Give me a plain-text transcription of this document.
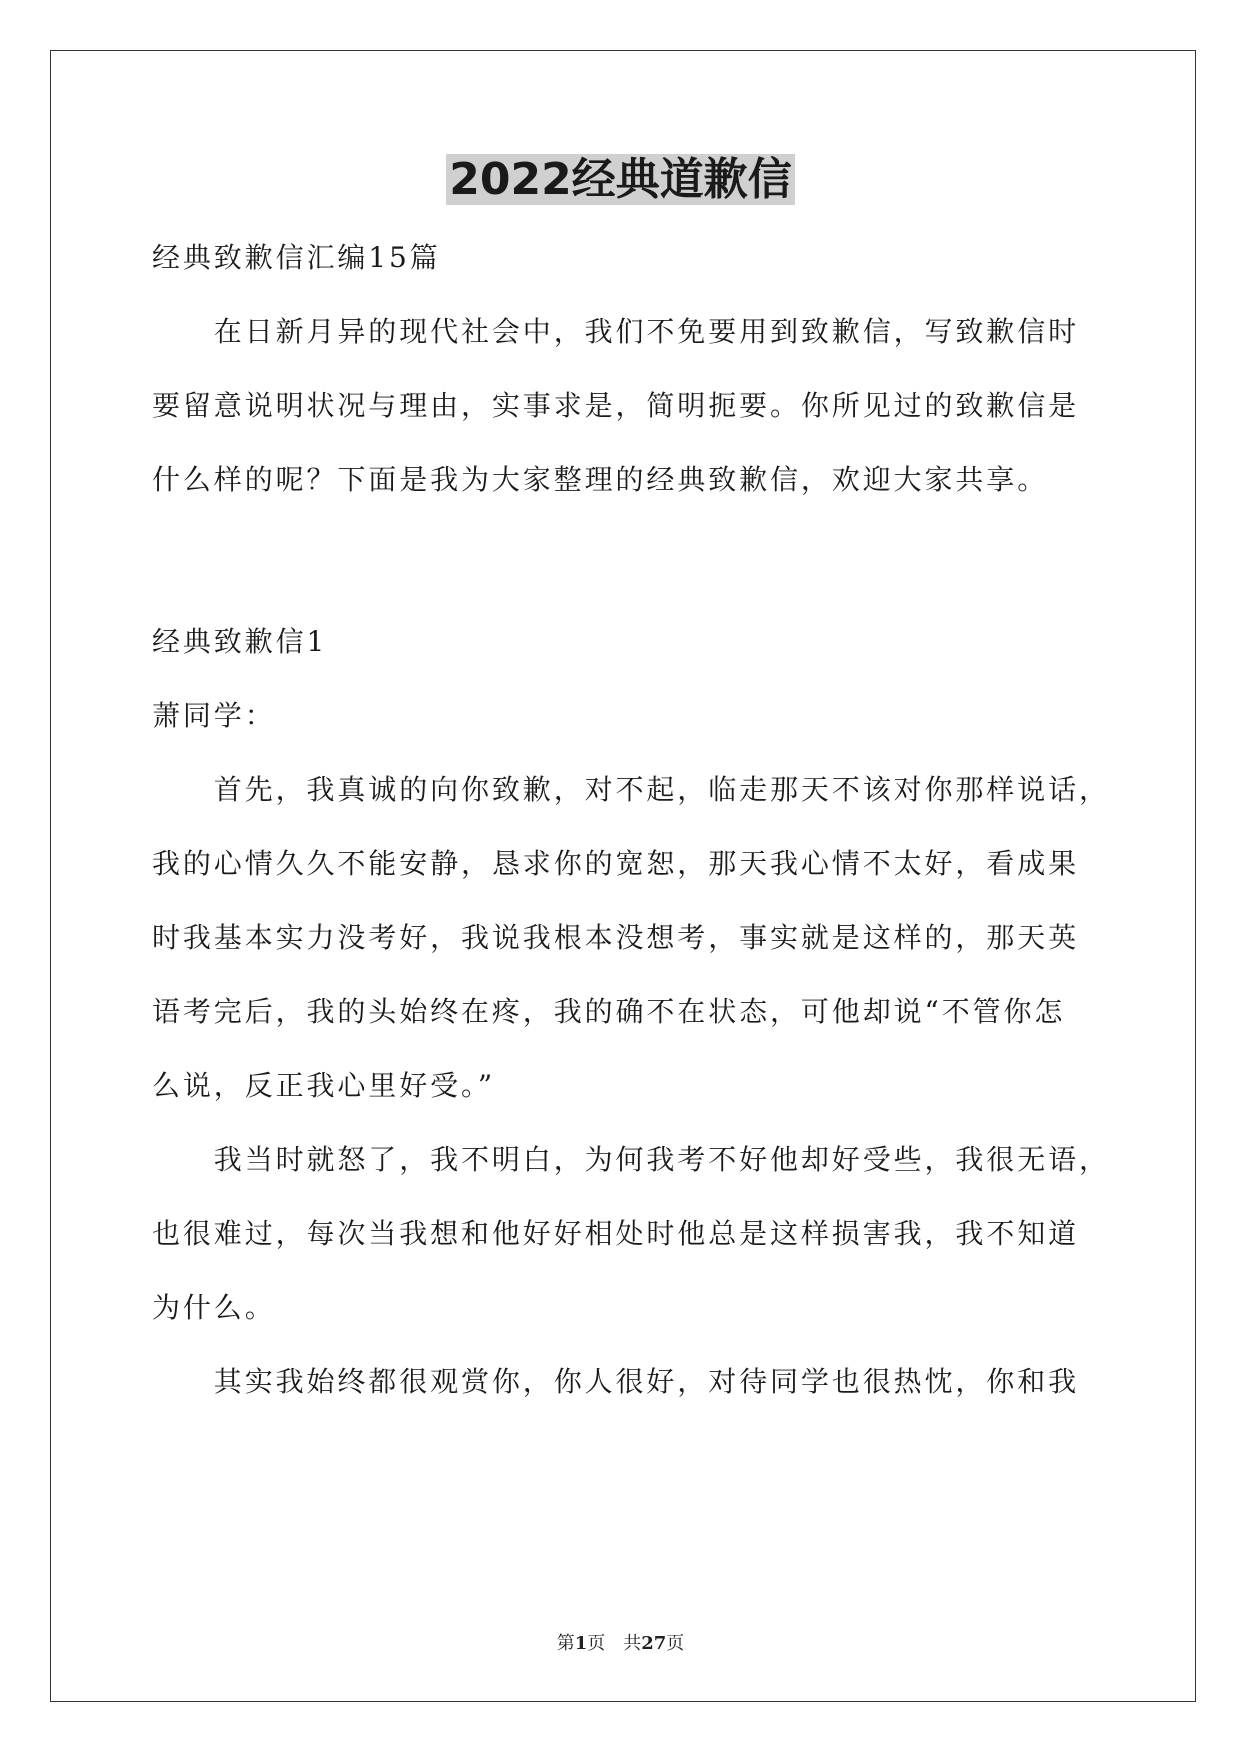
2022经典道歉信

经典致歉信汇编15篇

　　在日新月异的现代社会中，我们不免要用到致歉信，写致歉信时

要留意说明状况与理由，实事求是，简明扼要。你所见过的致歉信是

什么样的呢？下面是我为大家整理的经典致歉信，欢迎大家共享。

经典致歉信1

萧同学：

　　首先，我真诚的向你致歉，对不起，临走那天不该对你那样说话，

我的心情久久不能安静，恳求你的宽恕，那天我心情不太好，看成果

时我基本实力没考好，我说我根本没想考，事实就是这样的，那天英

语考完后，我的头始终在疼，我的确不在状态，可他却说“不管你怎

么说，反正我心里好受。”

　　我当时就怒了，我不明白，为何我考不好他却好受些，我很无语，

也很难过，每次当我想和他好好相处时他总是这样损害我，我不知道

为什么。

　　其实我始终都很观赏你，你人很好，对待同学也很热忱，你和我

第1页　共27页
